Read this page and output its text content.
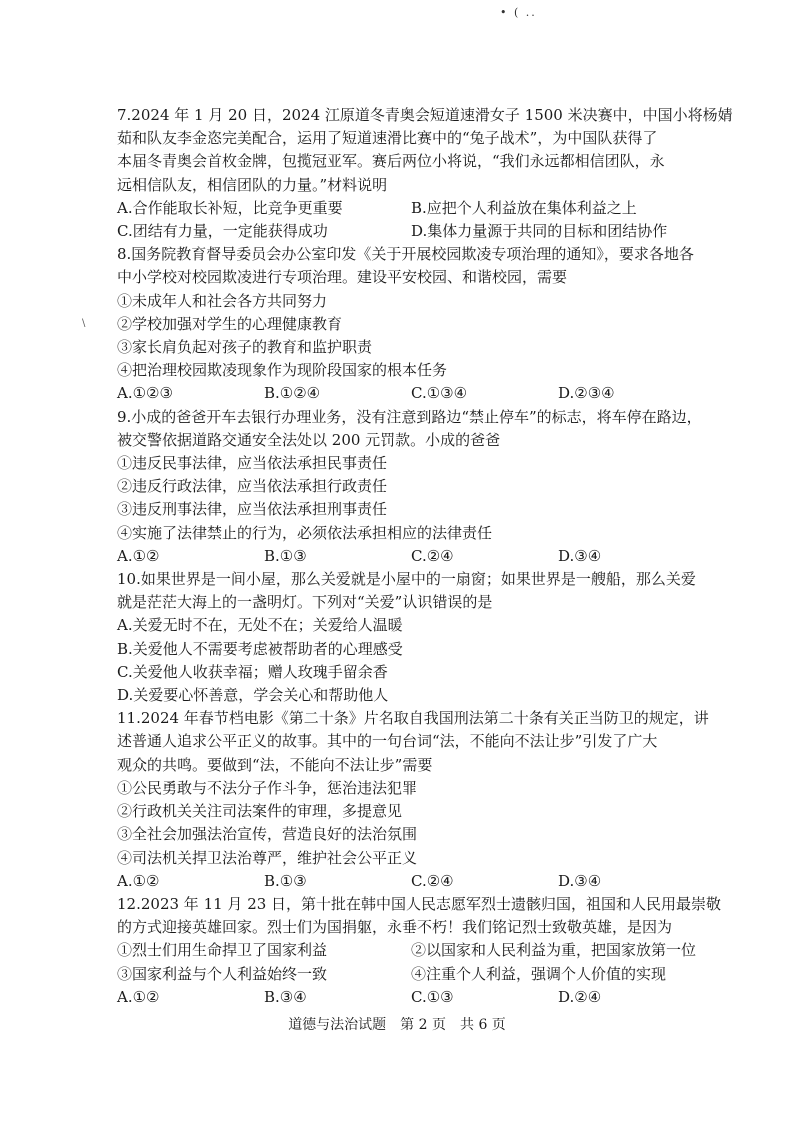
• ( ..
\
7.2024 年 1 月 20 日，2024 江原道冬青奥会短道速滑女子 1500 米决赛中，中国小将杨婧
茹和队友李金恣完美配合，运用了短道速滑比赛中的“兔子战术”，为中国队获得了
本届冬青奥会首枚金牌，包揽冠亚军。赛后两位小将说，“我们永远都相信团队，永
远相信队友，相信团队的力量。”材料说明
A.合作能取长补短，比竞争更重要	B.应把个人利益放在集体利益之上
C.团结有力量，一定能获得成功	D.集体力量源于共同的目标和团结协作
8.国务院教育督导委员会办公室印发《关于开展校园欺凌专项治理的通知》，要求各地各
中小学校对校园欺凌进行专项治理。建设平安校园、和谐校园，需要
①未成年人和社会各方共同努力
②学校加强对学生的心理健康教育
③家长肩负起对孩子的教育和监护职责
④把治理校园欺凌现象作为现阶段国家的根本任务
A.①②③	B.①②④	C.①③④	D.②③④
9.小成的爸爸开车去银行办理业务，没有注意到路边“禁止停车”的标志，将车停在路边，
被交警依据道路交通安全法处以 200 元罚款。小成的爸爸
①违反民事法律，应当依法承担民事责任
②违反行政法律，应当依法承担行政责任
③违反刑事法律，应当依法承担刑事责任
④实施了法律禁止的行为，必须依法承担相应的法律责任
A.①②	B.①③	C.②④	D.③④
10.如果世界是一间小屋，那么关爱就是小屋中的一扇窗；如果世界是一艘船，那么关爱
就是茫茫大海上的一盏明灯。下列对“关爱”认识错误的是
A.关爱无时不在，无处不在；关爱给人温暖
B.关爱他人不需要考虑被帮助者的心理感受
C.关爱他人收获幸福；赠人玫瑰手留余香
D.关爱要心怀善意，学会关心和帮助他人
11.2024 年春节档电影《第二十条》片名取自我国刑法第二十条有关正当防卫的规定，讲
述普通人追求公平正义的故事。其中的一句台词“法，不能向不法让步”引发了广大
观众的共鸣。要做到“法，不能向不法让步”需要
①公民勇敢与不法分子作斗争，惩治违法犯罪
②行政机关关注司法案件的审理，多提意见
③全社会加强法治宣传，营造良好的法治氛围
④司法机关捍卫法治尊严，维护社会公平正义
A.①②	B.①③	C.②④	D.③④
12.2023 年 11 月 23 日，第十批在韩中国人民志愿军烈士遗骸归国，祖国和人民用最崇敬
的方式迎接英雄回家。烈士们为国捐躯，永垂不朽！我们铭记烈士致敬英雄，是因为
①烈士们用生命捍卫了国家利益	②以国家和人民利益为重，把国家放第一位
③国家利益与个人利益始终一致	④注重个人利益，强调个人价值的实现
A.①②	B.③④	C.①③	D.②④
道德与法治试题　第 2 页　共 6 页
